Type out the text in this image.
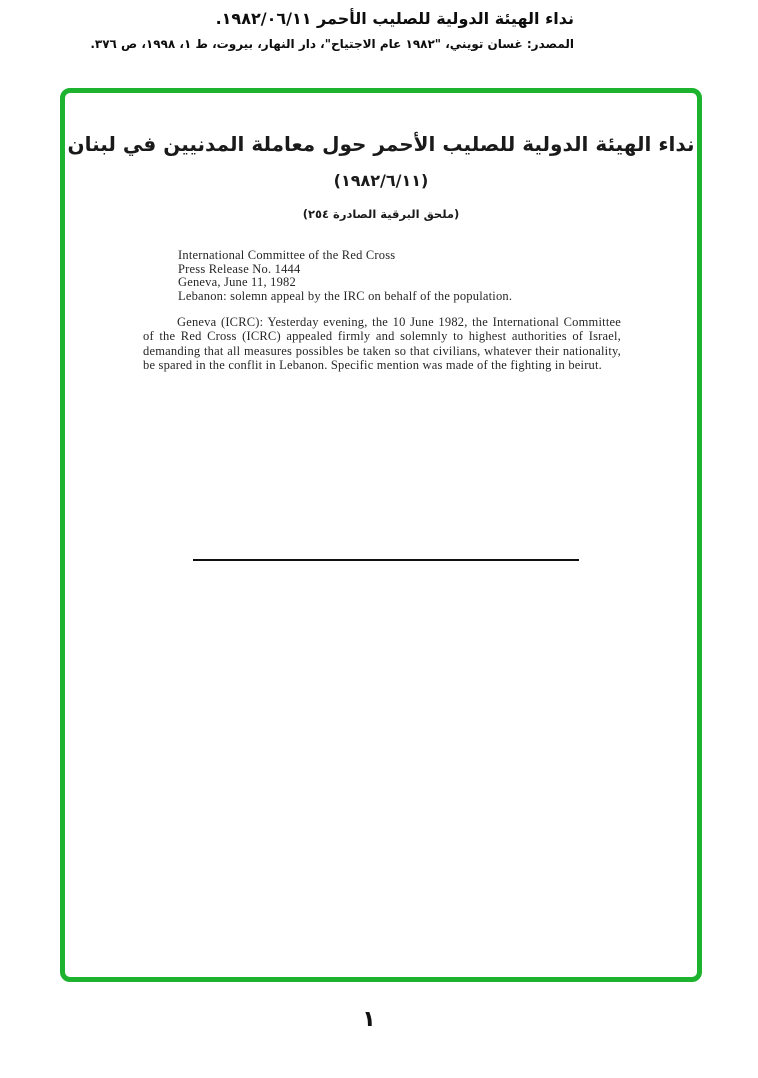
نداء الهيئة الدولية للصليب الأحمر ١٩٨٢/٠٦/١١.
المصدر: غسان تويني، "١٩٨٢ عام الاجتياح"، دار النهار، بيروت، ط ١، ١٩٩٨، ص ٣٧٦.
نداء الهيئة الدولية للصليب الأحمر حول معاملة المدنيين في لبنان
(١٩٨٢/٦/١١)
(ملحق البرقية الصادرة ٢٥٤)
International Committee of the Red Cross
Press Release No. 1444
Geneva, June 11, 1982
Lebanon: solemn appeal by the IRC on behalf of the population.
Geneva (ICRC): Yesterday evening, the 10 June 1982, the International Committee of the Red Cross (ICRC) appealed firmly and solemnly to highest authorities of Israel, demanding that all measures possibles be taken so that civilians, whatever their nationality, be spared in the conflit in Lebanon. Specific mention was made of the fighting in beirut.
١
